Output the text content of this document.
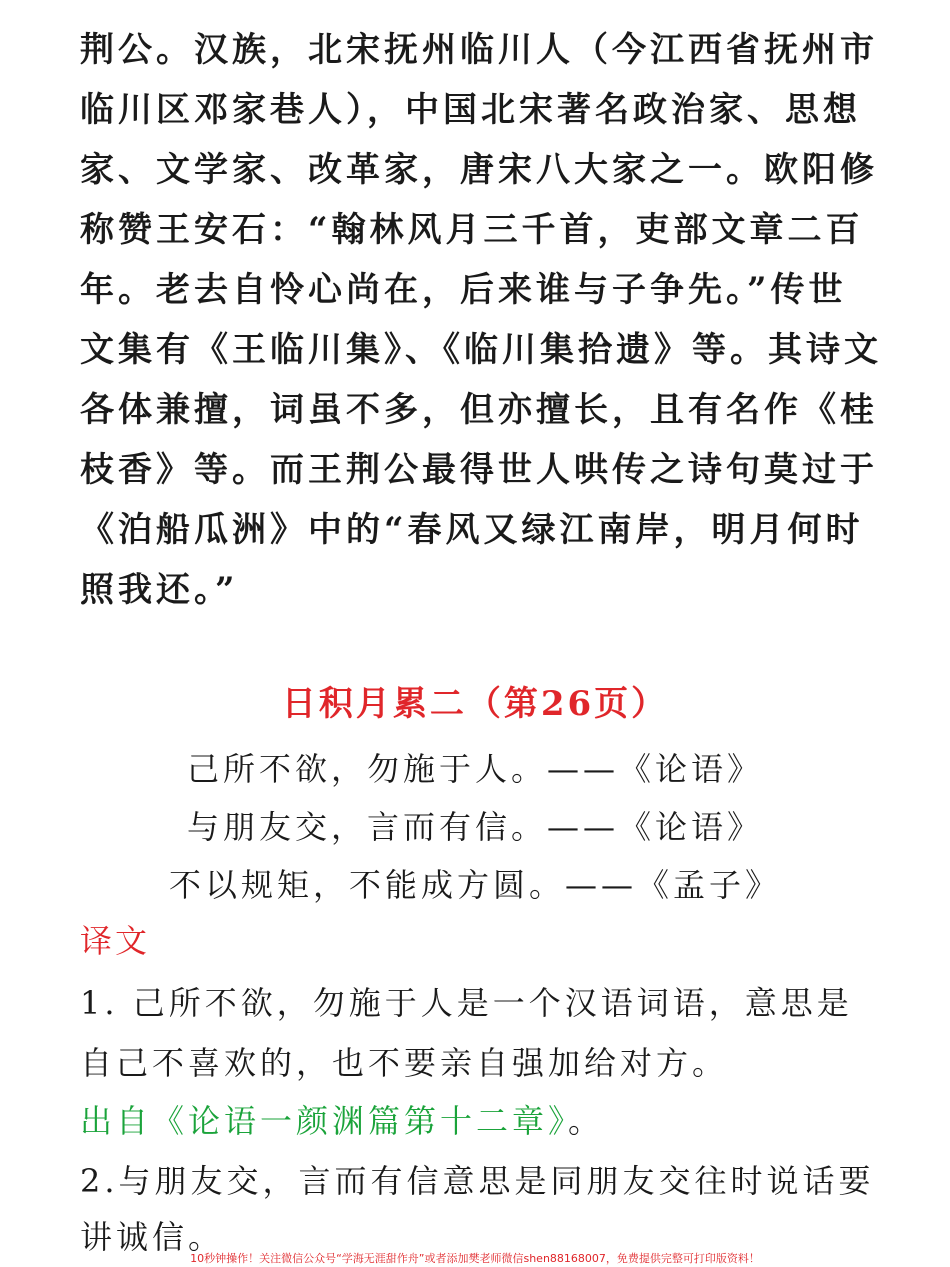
荆公。汉族，北宋抚州临川人（今江西省抚州市
临川区邓家巷人），中国北宋著名政治家、思想
家、文学家、改革家，唐宋八大家之一。欧阳修
称赞王安石：“翰林风月三千首，吏部文章二百
年。老去自怜心尚在，后来谁与子争先。”传世
文集有《王临川集》、《临川集拾遗》等。其诗文
各体兼擅，词虽不多，但亦擅长，且有名作《桂
枝香》等。而王荆公最得世人哄传之诗句莫过于
《泊船瓜洲》中的“春风又绿江南岸，明月何时
照我还。”
日积月累二（第26页）
己所不欲，勿施于人。——《论语》
与朋友交，言而有信。——《论语》
不以规矩，不能成方圆。——《孟子》
译文
1. 己所不欲，勿施于人是一个汉语词语，意思是
自己不喜欢的，也不要亲自强加给对方。
出自《论语一颜渊篇第十二章》。
2.与朋友交，言而有信意思是同朋友交往时说话要
讲诚信。
10秒钟操作！关注微信公众号“学海无涯甜作舟”或者添加樊老师微信shen88168007，免费提供完整可打印版资料！
